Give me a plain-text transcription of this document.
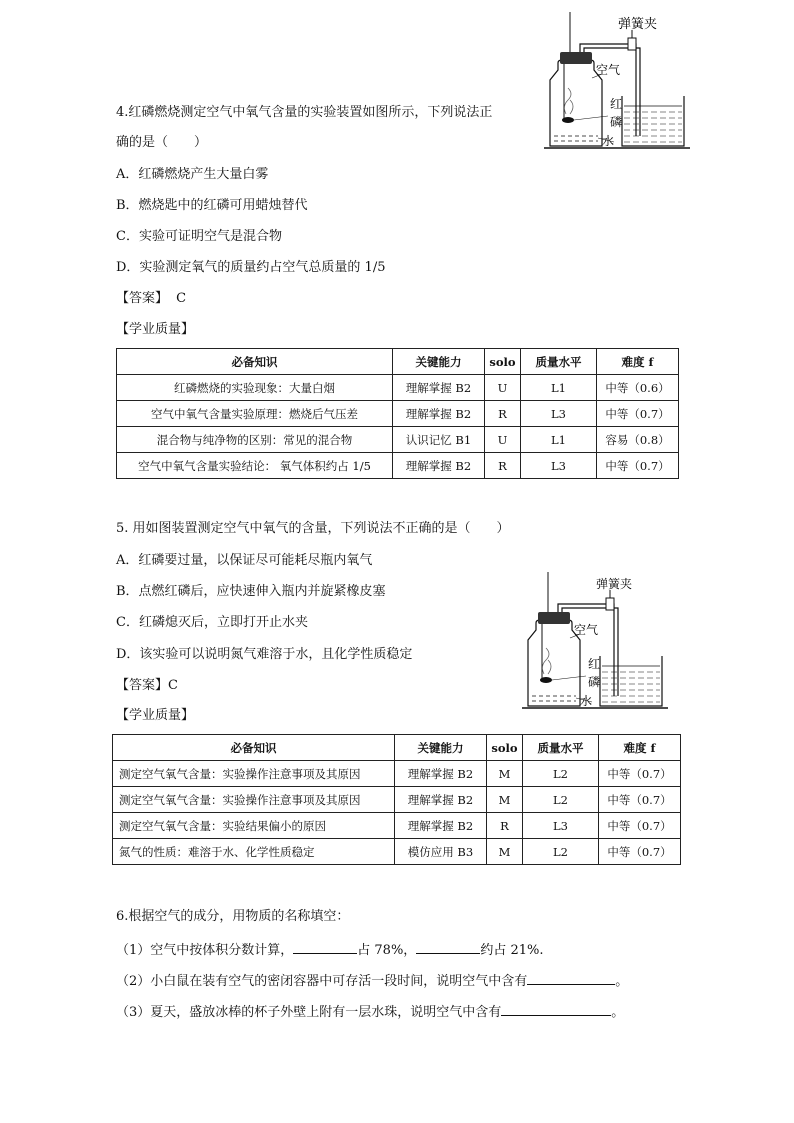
4.红磷燃烧测定空气中氧气含量的实验装置如图所示，下列说法正
确的是（　　）
A．红磷燃烧产生大量白雾
B．燃烧匙中的红磷可用蜡烛替代
C．实验可证明空气是混合物
D．实验测定氧气的质量约占空气总质量的 1/5
【答案】 C
【学业质量】
弹簧夹
空气
红
磷
水
必备知识	关键能力	solo	质量水平	难度 f
红磷燃烧的实验现象：大量白烟	理解掌握 B2	U	L1	中等（0.6）
空气中氧气含量实验原理：燃烧后气压差	理解掌握 B2	R	L3	中等（0.7）
混合物与纯净物的区别：常见的混合物	认识记忆 B1	U	L1	容易（0.8）
空气中氧气含量实验结论： 氧气体积约占 1/5	理解掌握 B2	R	L3	中等（0.7）
5. 用如图装置测定空气中氧气的含量，下列说法不正确的是（　　）
A．红磷要过量，以保证尽可能耗尽瓶内氧气
B．点燃红磷后，应快速伸入瓶内并旋紧橡皮塞
C．红磷熄灭后，立即打开止水夹
D．该实验可以说明氮气难溶于水，且化学性质稳定
【答案】C
【学业质量】
弹簧夹
空气
红
磷
水
必备知识	关键能力	solo	质量水平	难度 f
测定空气氧气含量：实验操作注意事项及其原因	理解掌握 B2	M	L2	中等（0.7）
测定空气氧气含量：实验操作注意事项及其原因	理解掌握 B2	M	L2	中等（0.7）
测定空气氧气含量：实验结果偏小的原因	理解掌握 B2	R	L3	中等（0.7）
氮气的性质：难溶于水、化学性质稳定	模仿应用 B3	M	L2	中等（0.7）
6.根据空气的成分，用物质的名称填空：
（1）空气中按体积分数计算，	占 78%，	约占 21%.
（2）小白鼠在装有空气的密闭容器中可存活一段时间，说明空气中含有	。
（3）夏天，盛放冰棒的杯子外壁上附有一层水珠，说明空气中含有	。
